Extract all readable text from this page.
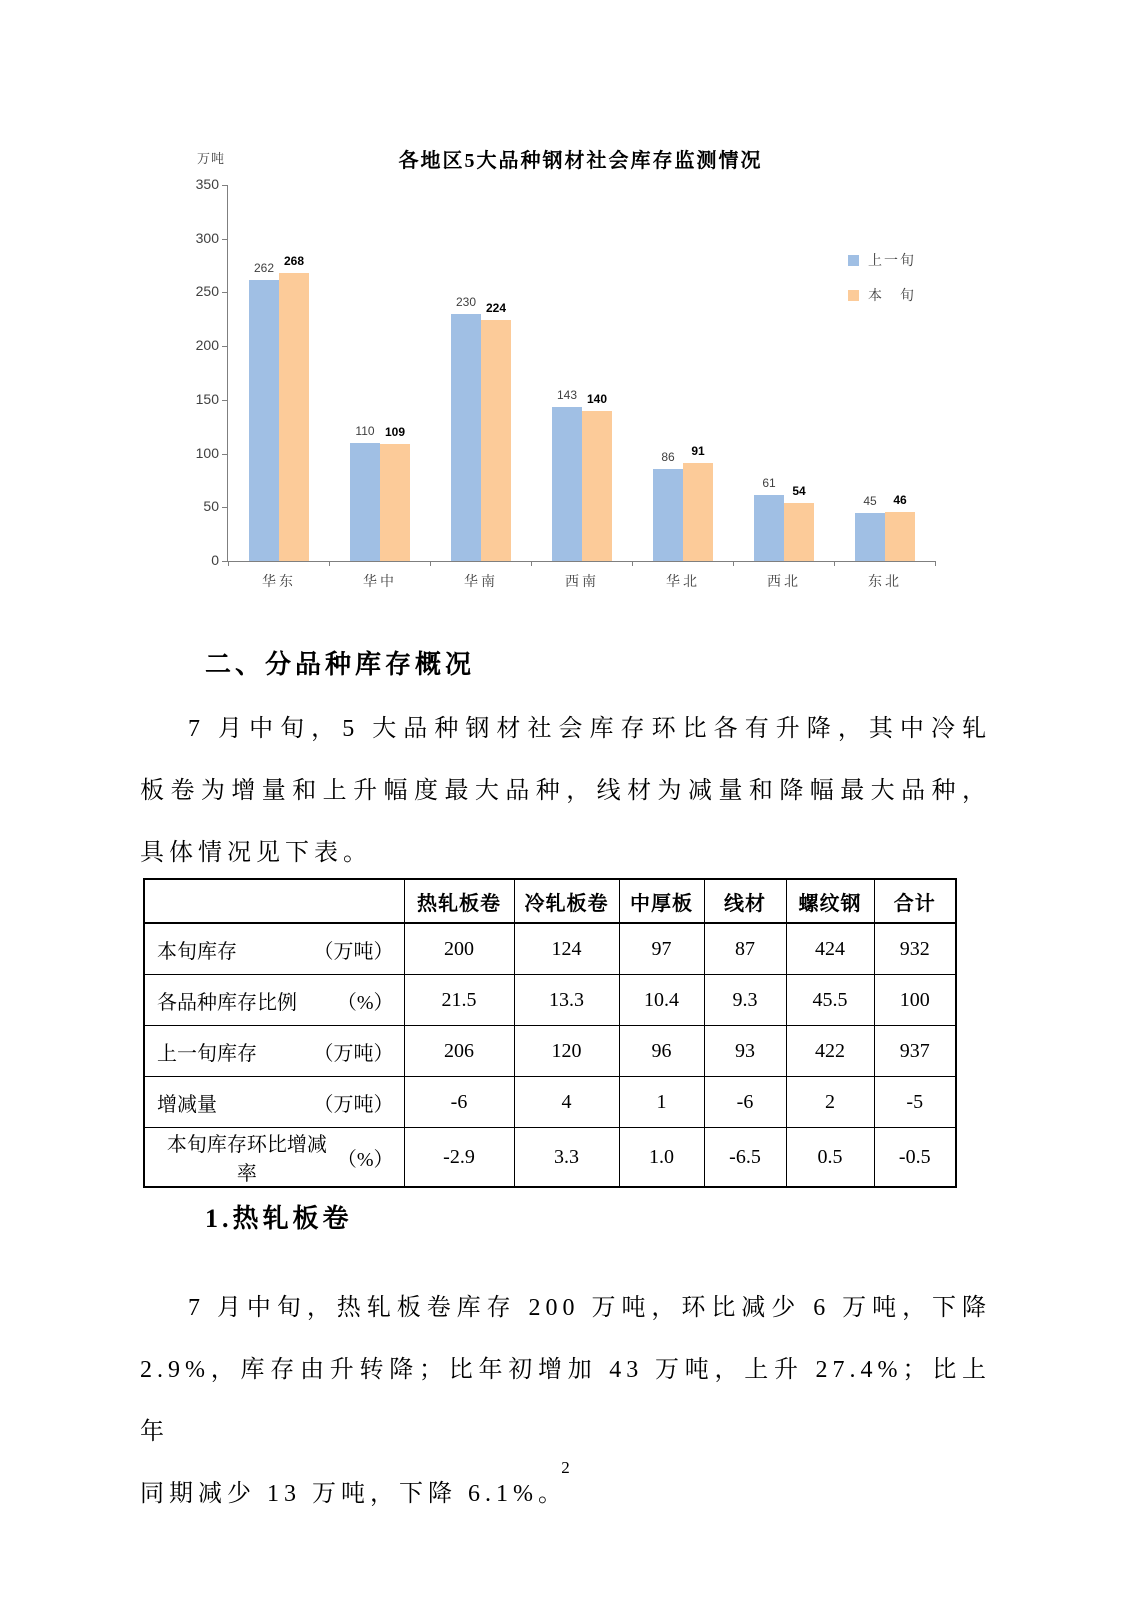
万吨	各地区5大品种钢材社会库存监测情况
0
50
100
150
200
250
300
350
262 268
华东
110 109
华中
230 224
华南
143 140
西南
86	91
华北
61
54
西北
45	46
东北
上一旬
本　旬
二、分品种库存概况
7 月中旬，5 大品种钢材社会库存环比各有升降，其中冷轧
板卷为增量和上升幅度最大品种，线材为减量和降幅最大品种，
具体情况见下表。
	热轧板卷	冷轧板卷	中厚板	线材	螺纹钢	合计

本旬库存 （万吨）	200	124	97	87	424	932

各品种库存比例 （%）	21.5	13.3	10.4	9.3	45.5	100

上一旬库存 （万吨）	206	120	96	93	422	937

增减量 （万吨）	-6	4	1	-6	2	-5

本旬库存环比增减率
（%）	-2.9	3.3	1.0	-6.5	0.5	-0.5
1.热轧板卷
7 月中旬，热轧板卷库存 200 万吨，环比减少 6 万吨，下降
2.9%，库存由升转降；比年初增加 43 万吨，上升 27.4%；比上年
同期减少 13 万吨，下降 6.1%。
2
